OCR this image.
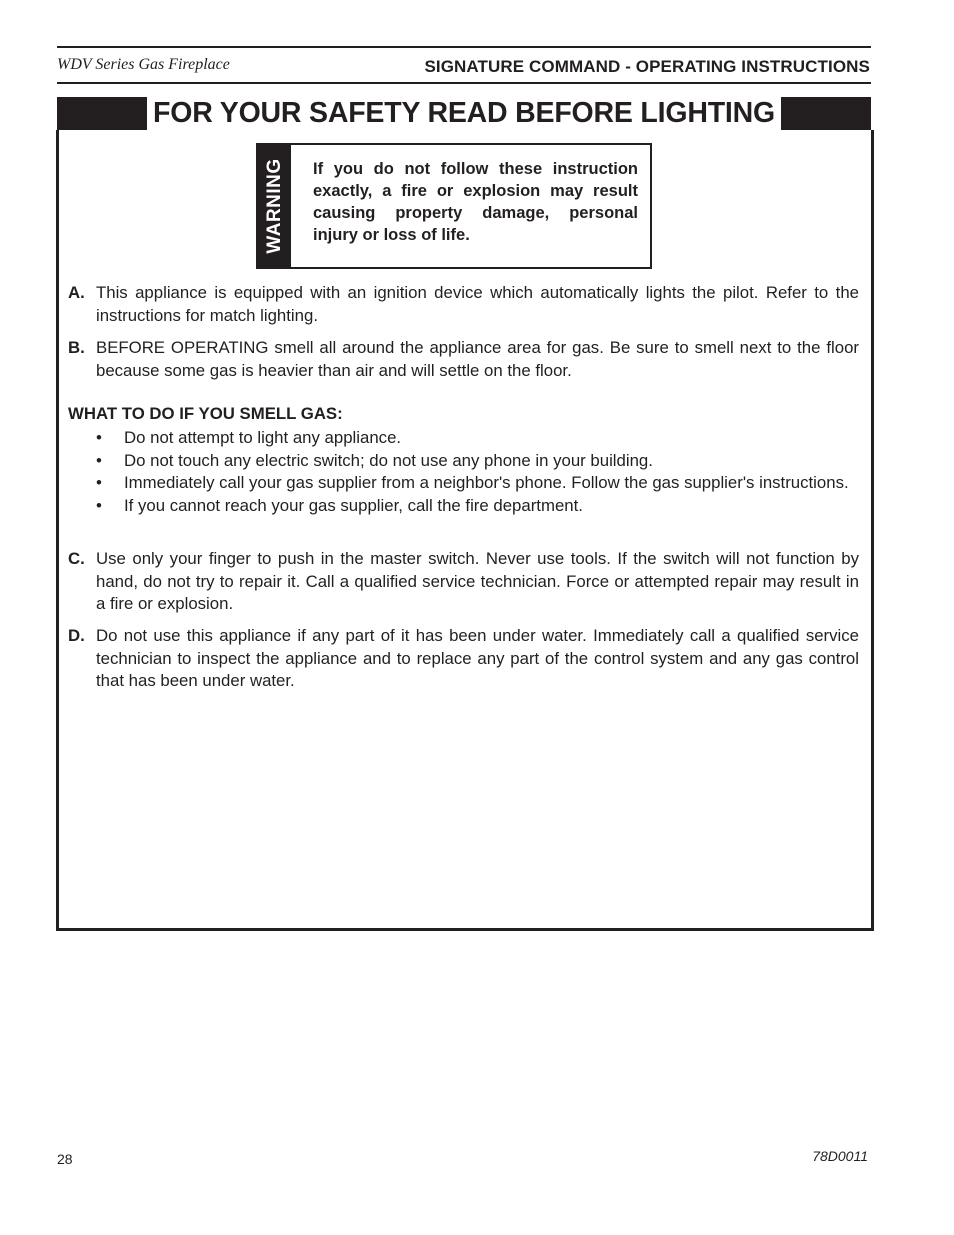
WDV Series Gas Fireplace	SIGNATURE COMMAND - OPERATING INSTRUCTIONS
FOR YOUR SAFETY READ BEFORE LIGHTING
WARNING	If you do not follow these instruction exactly, a fire or explosion may result causing property damage, personal injury or loss of life.
A. This appliance is equipped with an ignition device which automatically lights the pilot. Refer to the instructions for match lighting.
B. BEFORE OPERATING smell all around the appliance area for gas. Be sure to smell next to the floor because some gas is heavier than air and will settle on the floor.
WHAT TO DO IF YOU SMELL GAS:
• Do not attempt to light any appliance.
• Do not touch any electric switch; do not use any phone in your building.
• Immediately call your gas supplier from a neighbor's phone. Follow the gas supplier's instructions.
• If you cannot reach your gas supplier, call the fire department.
C. Use only your finger to push in the master switch. Never use tools. If the switch will not function by hand, do not try to repair it. Call a qualified service technician. Force or attempted repair may result in a fire or explosion.
D. Do not use this appliance if any part of it has been under water. Immediately call a qualified service technician to inspect the appliance and to replace any part of the control system and any gas control that has been under water.
28	78D0011
